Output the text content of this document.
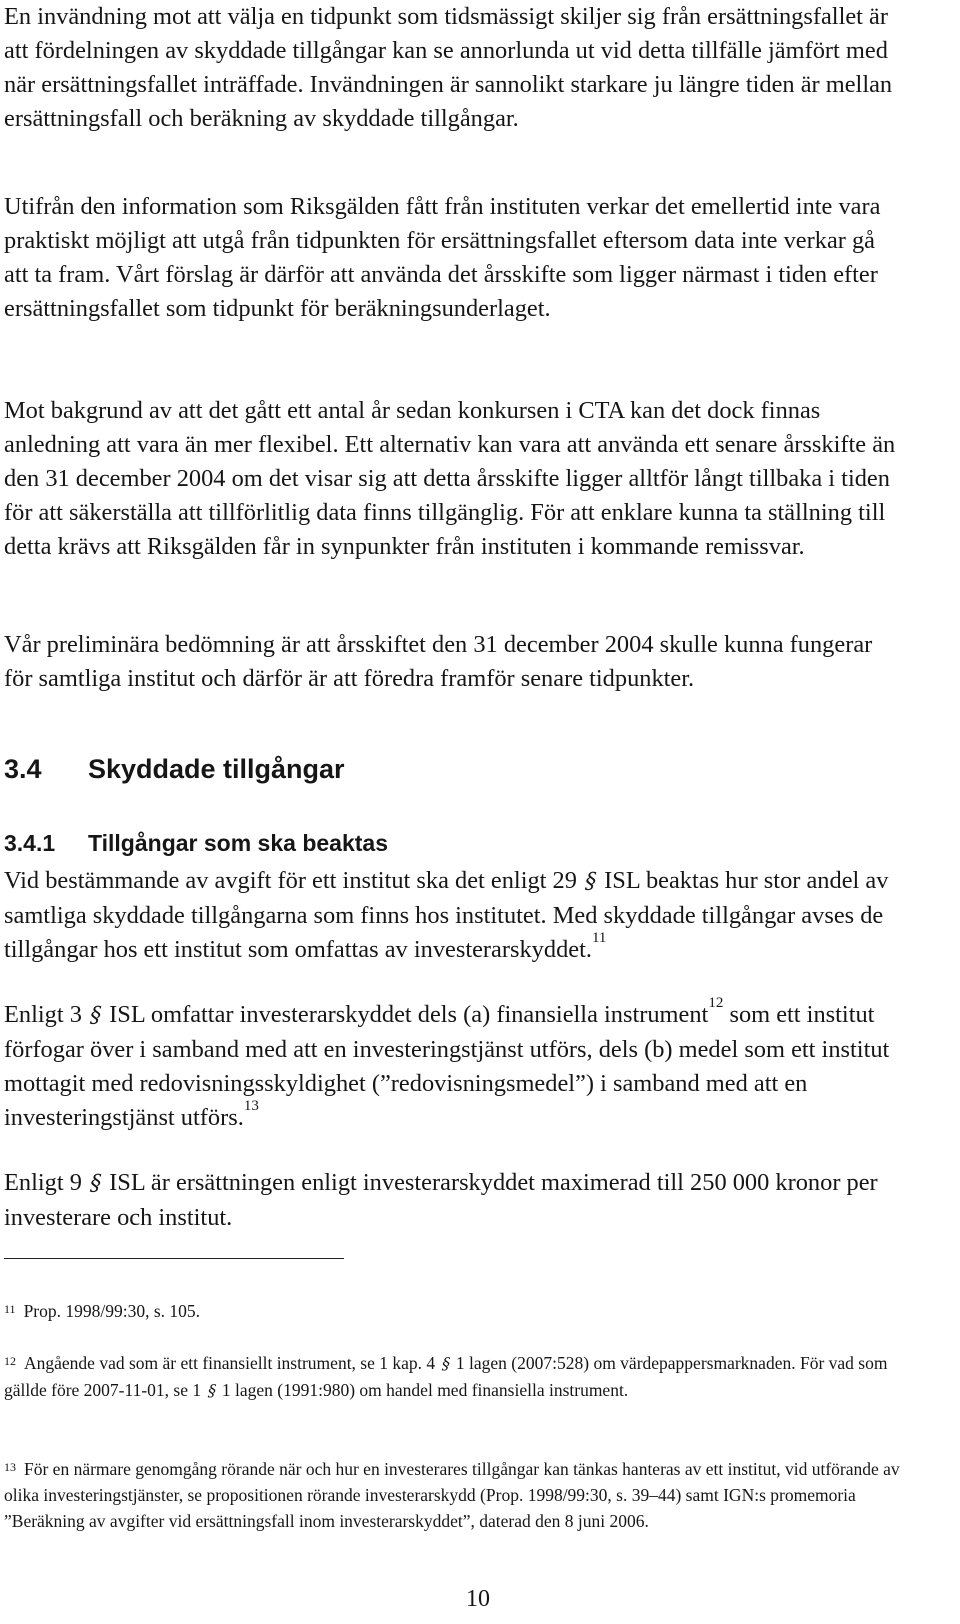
En invändning mot att välja en tidpunkt som tidsmässigt skiljer sig från ersättningsfallet är att fördelningen av skyddade tillgångar kan se annorlunda ut vid detta tillfälle jämfört med när ersättningsfallet inträffade. Invändningen är sannolikt starkare ju längre tiden är mellan ersättningsfall och beräkning av skyddade tillgångar.

Utifrån den information som Riksgälden fått från instituten verkar det emellertid inte vara praktiskt möjligt att utgå från tidpunkten för ersättningsfallet eftersom data inte verkar gå att ta fram. Vårt förslag är därför att använda det årsskifte som ligger närmast i tiden efter ersättningsfallet som tidpunkt för beräkningsunderlaget.

Mot bakgrund av att det gått ett antal år sedan konkursen i CTA kan det dock finnas anledning att vara än mer flexibel. Ett alternativ kan vara att använda ett senare årsskifte än den 31 december 2004 om det visar sig att detta årsskifte ligger alltför långt tillbaka i tiden för att säkerställa att tillförlitlig data finns tillgänglig. För att enklare kunna ta ställning till detta krävs att Riksgälden får in synpunkter från instituten i kommande remissvar.

Vår preliminära bedömning är att årsskiftet den 31 december 2004 skulle kunna fungerar för samtliga institut och därför är att föredra framför senare tidpunkter.

3.4 Skyddade tillgångar
3.4.1 Tillgångar som ska beaktas

Vid bestämmande av avgift för ett institut ska det enligt 29 § ISL beaktas hur stor andel av samtliga skyddade tillgångarna som finns hos institutet. Med skyddade tillgångar avses de tillgångar hos ett institut som omfattas av investerarskyddet.$^{11}$

Enligt 3 § ISL omfattar investerarskyddet dels (a) finansiella instrument$^{12}$ som ett institut förfogar över i samband med att en investeringstjänst utförs, dels (b) medel som ett institut mottagit med redovisningsskyldighet (”redovisningsmedel”) i samband med att en investeringstjänst utförs.$^{13}$

Enligt 9 § ISL är ersättningen enligt investerarskyddet maximerad till 250 000 kronor per investerare och institut.

$^{11}$ Prop. 1998/99:30, s. 105.

$^{12}$ Angående vad som är ett finansiellt instrument, se 1 kap. 4 § 1 lagen (2007:528) om värdepappersmarknaden. För vad som gällde före 2007-11-01, se 1 § 1 lagen (1991:980) om handel med finansiella instrument.

$^{13}$ För en närmare genomgång rörande när och hur en investerares tillgångar kan tänkas hanteras av ett institut, vid utförande av olika investeringstjänster, se propositionen rörande investerarskydd (Prop. 1998/99:30, s. 39–44) samt IGN:s promemoria ”Beräkning av avgifter vid ersättningsfall inom investerarskyddet”, daterad den 8 juni 2006.

10
